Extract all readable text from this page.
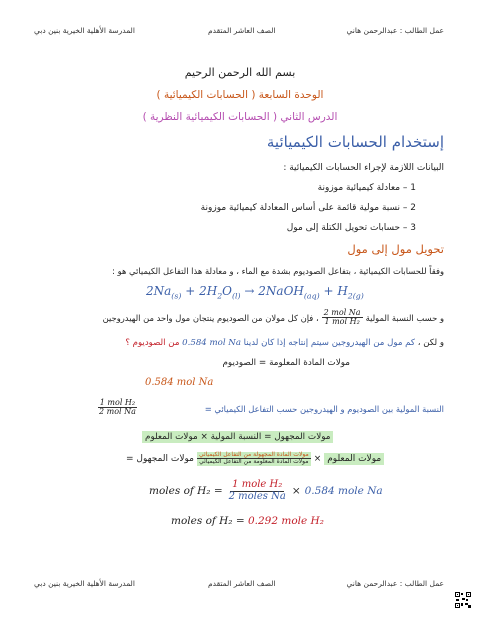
عمل الطالب : عبدالرحمن هاني
الصف العاشر المتقدم
المدرسة الأهلية الخيرية بنين دبي
بسم الله الرحمن الرحيم
الوحدة السابعة ( الحسابات الكيميائية )
الدرس الثاني ( الحسابات الكيميائية النظرية )
إستخدام الحسابات الكيميائية
البيانات اللازمة لإجراء الحسابات الكيميائية :
1 – معادلة كيميائية موزونة
2 – نسبة مولية قائمة على أساس المعادلة كيميائية موزونة
3 – حسابات تحويل الكتلة إلى مول
تحويل مول إلى مول
وفقاً للحسابات الكيميائية ، بتفاعل الصوديوم بشدة مع الماء ، و معادلة هذا التفاعل الكيميائي هو :
$2Na_{(s)} + 2H_2O_{(l)}$ → 2NaOH$_{(aq)}$ + $H_{2(g)}$
و حسب النسبة المولية
$\frac{\text{2 mol Na}}{\text{1 mol H₂}}$
، فإن كل مولان من الصوديوم ينتجان مول واحد من الهيدروجين
و لكن ، كم مول من الهيدروجين سيتم إنتاجه إذا كان لدينا 0.584 mol Na من الصوديوم ؟
مولات المادة المعلومة = الصوديوم
0.584 mol Na
النسبة المولية بين الصوديوم و الهيدروجين حسب التفاعل الكيميائي =
$\frac{\text{1 mol H₂}}{\text{2 mol Na}}$
مولات المجهول = النسبة المولية × مولات المعلوم
مولات المجهول = $\frac{\text{مولات المادة المجهولة من التفاعل الكيميائي}}{\text{مولات المادة المعلومة من التفاعل الكيميائي}}$ × مولات المعلوم
moles of $H_2 = \frac{\text{1 mole H₂}}{\text{2 moles Na}} \times 0.584$ mole Na
moles of H₂ = 0.292 mole H₂
عمل الطالب : عبدالرحمن هاني
الصف العاشر المتقدم
المدرسة الأهلية الخيرية بنين دبي
